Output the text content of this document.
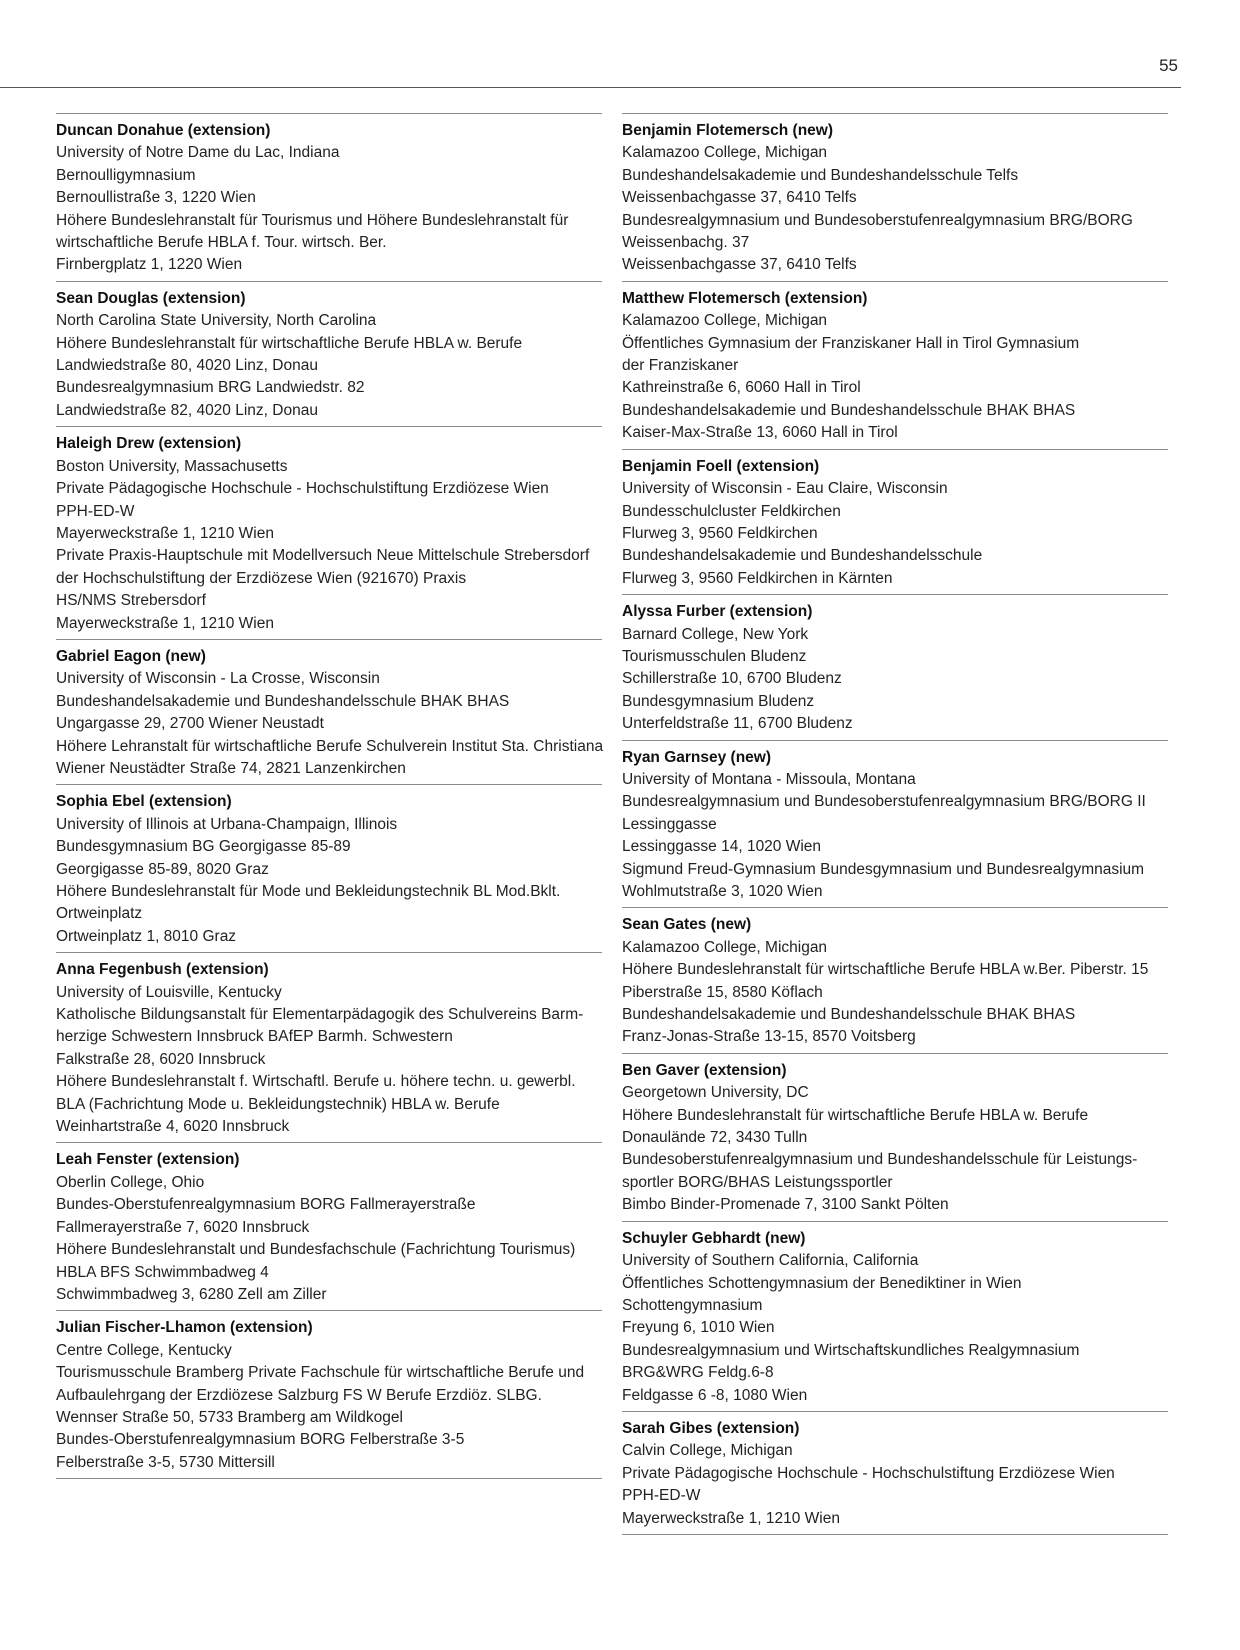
55
Duncan Donahue (extension)
University of Notre Dame du Lac, Indiana
Bernoulligymnasium
Bernoullistraße 3, 1220 Wien
Höhere Bundeslehranstalt für Tourismus und Höhere Bundeslehranstalt für
wirtschaftliche Berufe HBLA f. Tour. wirtsch. Ber.
Firnbergplatz 1, 1220 Wien
Sean Douglas (extension)
North Carolina State University, North Carolina
Höhere Bundeslehranstalt für wirtschaftliche Berufe HBLA w. Berufe
Landwiedstraße 80, 4020 Linz, Donau
Bundesrealgymnasium BRG Landwiedstr. 82
Landwiedstraße 82, 4020 Linz, Donau
Haleigh Drew (extension)
Boston University, Massachusetts
Private Pädagogische Hochschule - Hochschulstiftung Erzdiözese Wien
PPH-ED-W
Mayerweckstraße 1, 1210 Wien
Private Praxis-Hauptschule mit Modellversuch Neue Mittelschule Strebersdorf
der Hochschulstiftung der Erzdiözese Wien (921670) Praxis
HS/NMS Strebersdorf
Mayerweckstraße 1, 1210 Wien
Gabriel Eagon (new)
University of Wisconsin - La Crosse, Wisconsin
Bundeshandelsakademie und Bundeshandelsschule BHAK BHAS
Ungargasse 29, 2700 Wiener Neustadt
Höhere Lehranstalt für wirtschaftliche Berufe Schulverein Institut Sta. Christiana
Wiener Neustädter Straße 74, 2821 Lanzenkirchen
Sophia Ebel (extension)
University of Illinois at Urbana-Champaign, Illinois
Bundesgymnasium BG Georgigasse 85-89
Georgigasse 85-89, 8020 Graz
Höhere Bundeslehranstalt für Mode und Bekleidungstechnik BL Mod.Bklt.
Ortweinplatz
Ortweinplatz 1, 8010 Graz
Anna Fegenbush (extension)
University of Louisville, Kentucky
Katholische Bildungsanstalt für Elementarpädagogik des Schulvereins Barm-
herzige Schwestern Innsbruck BAfEP Barmh. Schwestern
Falkstraße 28, 6020 Innsbruck
Höhere Bundeslehranstalt f. Wirtschaftl. Berufe u. höhere techn. u. gewerbl.
BLA (Fachrichtung Mode u. Bekleidungstechnik) HBLA w. Berufe
Weinhartstraße 4, 6020 Innsbruck
Leah Fenster (extension)
Oberlin College, Ohio
Bundes-Oberstufenrealgymnasium BORG Fallmerayerstraße
Fallmerayerstraße 7, 6020 Innsbruck
Höhere Bundeslehranstalt und Bundesfachschule (Fachrichtung Tourismus)
HBLA BFS Schwimmbadweg 4
Schwimmbadweg 3, 6280 Zell am Ziller
Julian Fischer-Lhamon (extension)
Centre College, Kentucky
Tourismusschule Bramberg Private Fachschule für wirtschaftliche Berufe und
Aufbaulehrgang der Erzdiözese Salzburg FS W Berufe Erzdiöz. SLBG.
Wennser Straße 50, 5733 Bramberg am Wildkogel
Bundes-Oberstufenrealgymnasium BORG Felberstraße 3-5
Felberstraße 3-5, 5730 Mittersill
Benjamin Flotemersch (new)
Kalamazoo College, Michigan
Bundeshandelsakademie und Bundeshandelsschule Telfs
Weissenbachgasse 37, 6410 Telfs
Bundesrealgymnasium und Bundesoberstufenrealgymnasium BRG/BORG
Weissenbachg. 37
Weissenbachgasse 37, 6410 Telfs
Matthew Flotemersch (extension)
Kalamazoo College, Michigan
Öffentliches Gymnasium der Franziskaner Hall in Tirol Gymnasium
der Franziskaner
Kathreinstraße 6, 6060 Hall in Tirol
Bundeshandelsakademie und Bundeshandelsschule BHAK BHAS
Kaiser-Max-Straße 13, 6060 Hall in Tirol
Benjamin Foell (extension)
University of Wisconsin - Eau Claire, Wisconsin
Bundesschulcluster Feldkirchen
Flurweg 3, 9560 Feldkirchen
Bundeshandelsakademie und Bundeshandelsschule
Flurweg 3, 9560 Feldkirchen in Kärnten
Alyssa Furber (extension)
Barnard College, New York
Tourismusschulen Bludenz
Schillerstraße 10, 6700 Bludenz
Bundesgymnasium Bludenz
Unterfeldstraße 11, 6700 Bludenz
Ryan Garnsey (new)
University of Montana - Missoula, Montana
Bundesrealgymnasium und Bundesoberstufenrealgymnasium BRG/BORG II
Lessinggasse
Lessinggasse 14, 1020 Wien
Sigmund Freud-Gymnasium Bundesgymnasium und Bundesrealgymnasium
Wohlmutstraße 3, 1020 Wien
Sean Gates (new)
Kalamazoo College, Michigan
Höhere Bundeslehranstalt für wirtschaftliche Berufe HBLA w.Ber. Piberstr. 15
Piberstraße 15, 8580 Köflach
Bundeshandelsakademie und Bundeshandelsschule BHAK BHAS
Franz-Jonas-Straße 13-15, 8570 Voitsberg
Ben Gaver (extension)
Georgetown University, DC
Höhere Bundeslehranstalt für wirtschaftliche Berufe HBLA w. Berufe
Donaulände 72, 3430 Tulln
Bundesoberstufenrealgymnasium und Bundeshandelsschule für Leistungs-
sportler BORG/BHAS Leistungssportler
Bimbo Binder-Promenade 7, 3100 Sankt Pölten
Schuyler Gebhardt (new)
University of Southern California, California
Öffentliches Schottengymnasium der Benediktiner in Wien
Schottengymnasium
Freyung 6, 1010 Wien
Bundesrealgymnasium und Wirtschaftskundliches Realgymnasium
BRG&WRG Feldg.6-8
Feldgasse 6 -8, 1080 Wien
Sarah Gibes (extension)
Calvin College, Michigan
Private Pädagogische Hochschule - Hochschulstiftung Erzdiözese Wien
PPH-ED-W
Mayerweckstraße 1, 1210 Wien
